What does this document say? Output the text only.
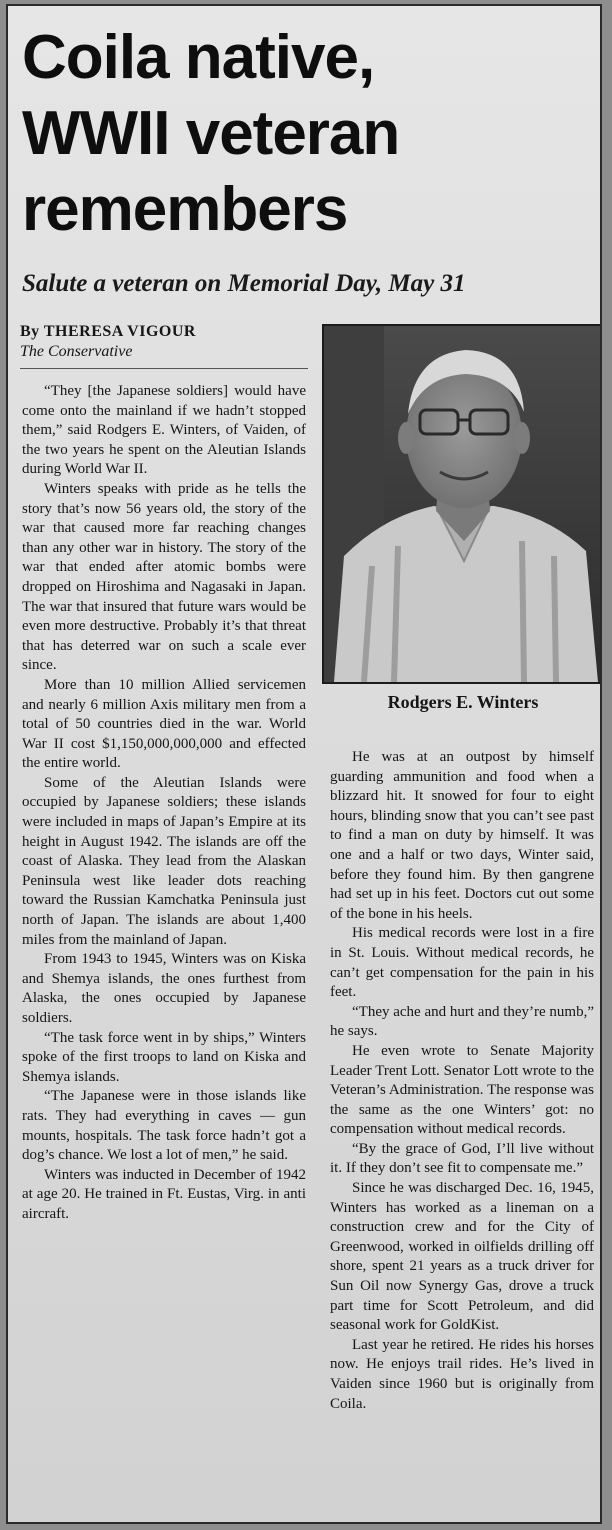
Coila native,
WWII veteran
remembers
Salute a veteran on Memorial Day, May 31
By THERESA VIGOUR
The Conservative

“They [the Japanese soldiers] would have come onto the mainland if we hadn’t stopped them,” said Rodgers E. Winters, of Vaiden, of the two years he spent on the Aleutian Islands during World War II.

Winters speaks with pride as he tells the story that’s now 56 years old, the story of the war that caused more far reaching changes than any other war in history. The story of the war that ended after atomic bombs were dropped on Hiroshima and Nagasaki in Japan. The war that insured that future wars would be even more destructive. Probably it’s that threat that has deterred war on such a scale ever since.

More than 10 million Allied servicemen and nearly 6 million Axis military men from a total of 50 countries died in the war. World War II cost $1,150,000,000,000 and effected the entire world.

Some of the Aleutian Islands were occupied by Japanese soldiers; these islands were included in maps of Japan’s Empire at its height in August 1942. The islands are off the coast of Alaska. They lead from the Alaskan Peninsula west like leader dots reaching toward the Russian Kamchatka Peninsula just north of Japan. The islands are about 1,400 miles from the mainland of Japan.

From 1943 to 1945, Winters was on Kiska and Shemya islands, the ones furthest from Alaska, the ones occupied by Japanese soldiers.

“The task force went in by ships,” Winters spoke of the first troops to land on Kiska and Shemya islands.

“The Japanese were in those islands like rats. They had everything in caves — gun mounts, hospitals. The task force hadn’t got a dog’s chance. We lost a lot of men,” he said.

Winters was inducted in December of 1942 at age 20. He trained in Ft. Eustas, Virg. in anti aircraft.

Rodgers E. Winters

He was at an outpost by himself guarding ammunition and food when a blizzard hit. It snowed for four to eight hours, blinding snow that you can’t see past to find a man on duty by himself. It was one and a half or two days, Winter said, before they found him. By then gangrene had set up in his feet. Doctors cut out some of the bone in his heels.

His medical records were lost in a fire in St. Louis. Without medical records, he can’t get compensation for the pain in his feet.

“They ache and hurt and they’re numb,” he says.

He even wrote to Senate Majority Leader Trent Lott. Senator Lott wrote to the Veteran’s Administration. The response was the same as the one Winters’ got: no compensation without medical records.

“By the grace of God, I’ll live without it. If they don’t see fit to compensate me.”

Since he was discharged Dec. 16, 1945, Winters has worked as a lineman on a construction crew and for the City of Greenwood, worked in oilfields drilling off shore, spent 21 years as a truck driver for Sun Oil now Synergy Gas, drove a truck part time for Scott Petroleum, and did seasonal work for GoldKist.

Last year he retired. He rides his horses now. He enjoys trail rides. He’s lived in Vaiden since 1960 but is originally from Coila.
